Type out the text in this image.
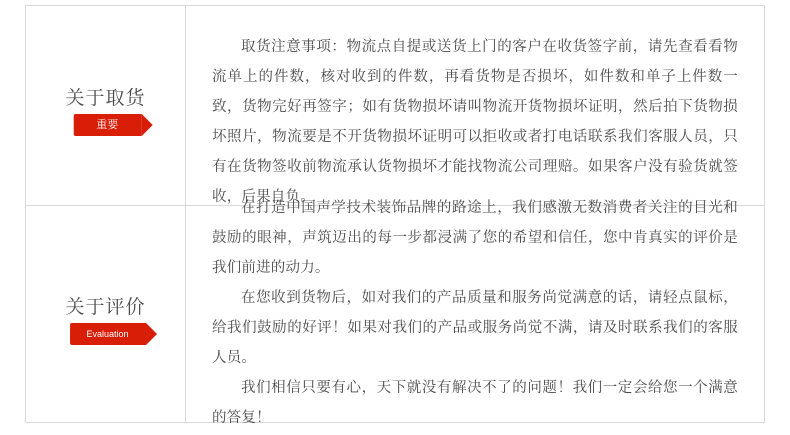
关于取货
重要

取货注意事项：物流点自提或送货上门的客户在收货签字前，请先查看看物流单上的件数，核对收到的件数，再看货物是否损坏，如件数和单子上件数一致，货物完好再签字；如有货物损坏请叫物流开货物损坏证明，然后拍下货物损坏照片，物流要是不开货物损坏证明可以拒收或者打电话联系我们客服人员，只有在货物签收前物流承认货物损坏才能找物流公司理赔。如果客户没有验货就签收，后果自负。

关于评价
Evaluation

在打造中国声学技术装饰品牌的路途上，我们感激无数消费者关注的目光和鼓励的眼神，声筑迈出的每一步都浸满了您的希望和信任，您中肯真实的评价是我们前进的动力。

在您收到货物后，如对我们的产品质量和服务尚觉满意的话，请轻点鼠标，给我们鼓励的好评！如果对我们的产品或服务尚觉不满，请及时联系我们的客服人员。

我们相信只要有心，天下就没有解决不了的问题！我们一定会给您一个满意的答复！
